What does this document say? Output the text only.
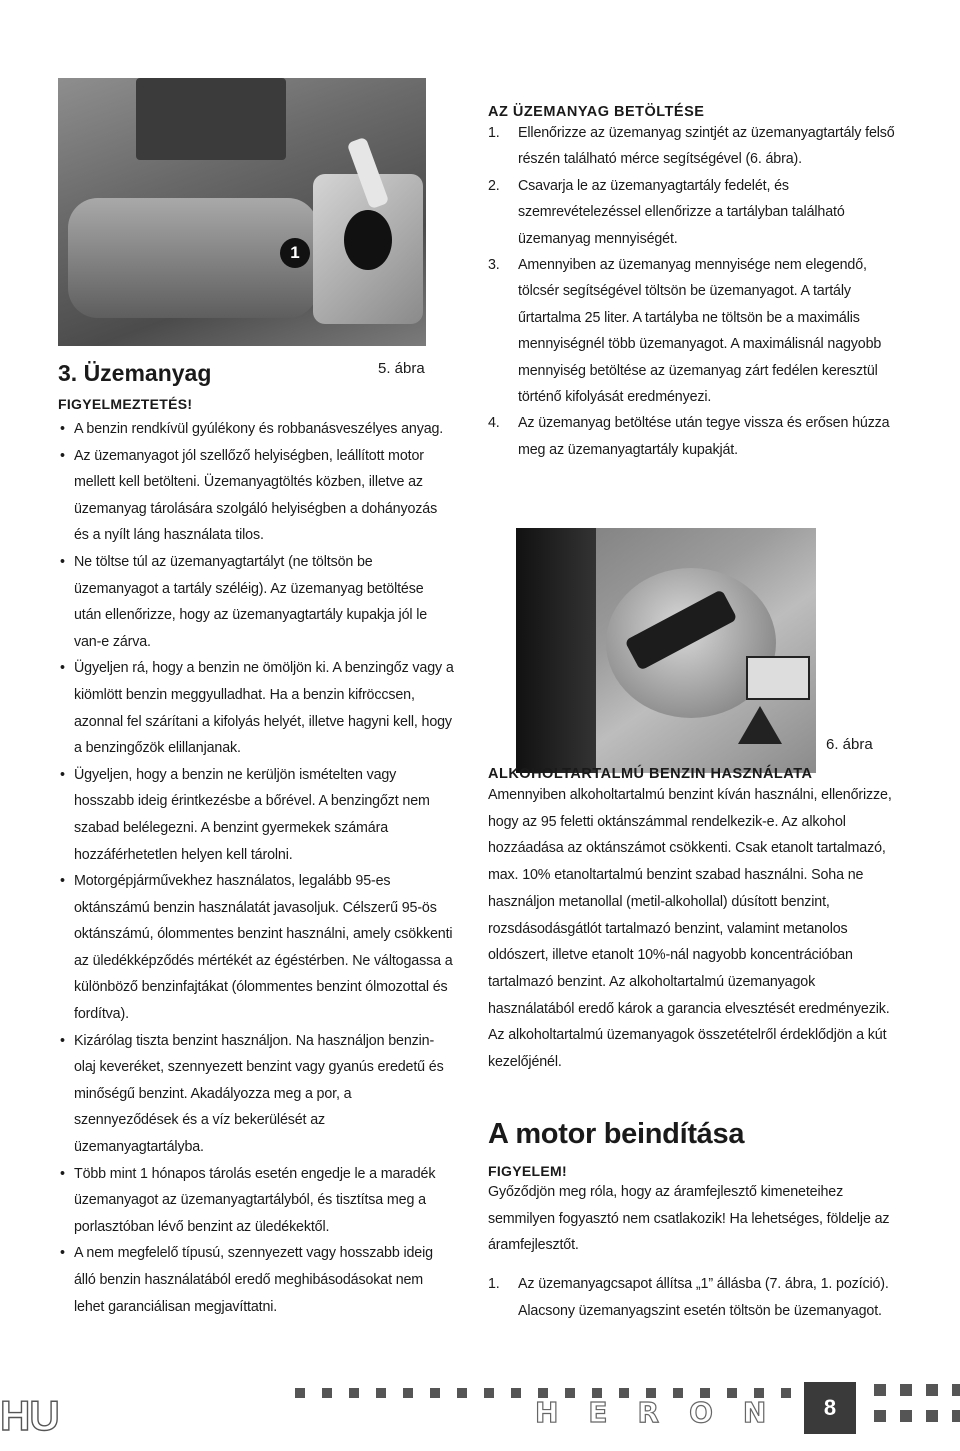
1
5. ábra
3. Üzemanyag
FIGYELMEZTETÉS!
• A benzin rendkívül gyúlékony és robbanásveszélyes anyag.
• Az üzemanyagot jól szellőző helyiségben, leállított motor mellett kell betölteni. Üzemanyagtöltés közben, illetve az üzemanyag tárolására szolgáló helyiségben a dohányozás és a nyílt láng használata tilos.
• Ne töltse túl az üzemanyagtartályt (ne töltsön be üzemanyagot a tartály széléig). Az üzemanyag betöltése után ellenőrizze, hogy az üzemanyagtartály kupakja jól le van-e zárva.
• Ügyeljen rá, hogy a benzin ne ömöljön ki. A benzingőz vagy a kiömlött benzin meggyulladhat. Ha a benzin kifröccsen, azonnal fel szárítani a kifolyás helyét, illetve hagyni kell, hogy a benzingőzök elillanjanak.
• Ügyeljen, hogy a benzin ne kerüljön ismételten vagy hosszabb ideig érintkezésbe a bőrével. A benzingőzt nem szabad belélegezni. A benzint gyermekek számára hozzáférhetetlen helyen kell tárolni.
• Motorgépjárművekhez használatos, legalább 95-es oktánszámú benzin használatát javasoljuk. Célszerű 95-ös oktánszámú, ólommentes benzint használni, amely csökkenti az üledékképződés mértékét az égéstérben. Ne váltogassa a különböző benzinfajtákat (ólommentes benzint ólmozottal és fordítva).
• Kizárólag tiszta benzint használjon. Na használjon benzin-olaj keveréket, szennyezett benzint vagy gyanús eredetű és minőségű benzint. Akadályozza meg a por, a szennyeződések és a víz bekerülését az üzemanyagtartályba.
• Több mint 1 hónapos tárolás esetén engedje le a maradék üzemanyagot az üzemanyagtartályból, és tisztítsa meg a porlasztóban lévő benzint az üledékektől.
• A nem megfelelő típusú, szennyezett vagy hosszabb ideig álló benzin használatából eredő meghibásodásokat nem lehet garanciálisan megjavíttatni.
AZ ÜZEMANYAG BETÖLTÉSE
1. Ellenőrizze az üzemanyag szintjét az üzemanyagtartály felső részén található mérce segítségével (6. ábra).
2. Csavarja le az üzemanyagtartály fedelét, és szemrevételezéssel ellenőrizze a tartályban található üzemanyag mennyiségét.
3. Amennyiben az üzemanyag mennyisége nem elegendő, tölcsér segítségével töltsön be üzemanyagot. A tartály űrtartalma 25 liter. A tartályba ne töltsön be a maximális mennyiségnél több üzemanyagot. A maximálisnál nagyobb mennyiség betöltése az üzemanyag zárt fedélen keresztül történő kifolyását eredményezi.
4. Az üzemanyag betöltése után tegye vissza és erősen húzza meg az üzemanyagtartály kupakját.
6. ábra
ALKOHOLTARTALMÚ BENZIN HASZNÁLATA

Amennyiben alkoholtartalmú benzint kíván használni, ellenőrizze, hogy az 95 feletti oktánszámmal rendelkezik-e. Az alkohol hozzáadása az oktánszámot csökkenti. Csak etanolt tartalmazó, max. 10% etanoltartalmú benzint szabad használni. Soha ne használjon metanollal (metil-alkohollal) dúsított benzint, rozsdásodásgátlót tartalmazó benzint, valamint metanolos oldószert, illetve etanolt 10%-nál nagyobb koncentrációban tartalmazó benzint. Az alkoholtartalmú üzemanyagok használatából eredő károk a garancia elvesztését eredményezik. Az alkoholtartalmú üzemanyagok összetételről érdeklődjön a kút kezelőjénél.

A motor beindítása
FIGYELEM!

Győződjön meg róla, hogy az áramfejlesztő kimeneteihez semmilyen fogyasztó nem csatlakozik! Ha lehetséges, földelje az áramfejlesztőt.

1. Az üzemanyagcsapot állítsa „1” állásba (7. ábra, 1. pozíció). Alacsony üzemanyagszint esetén töltsön be üzemanyagot.
HU	HERON	8
